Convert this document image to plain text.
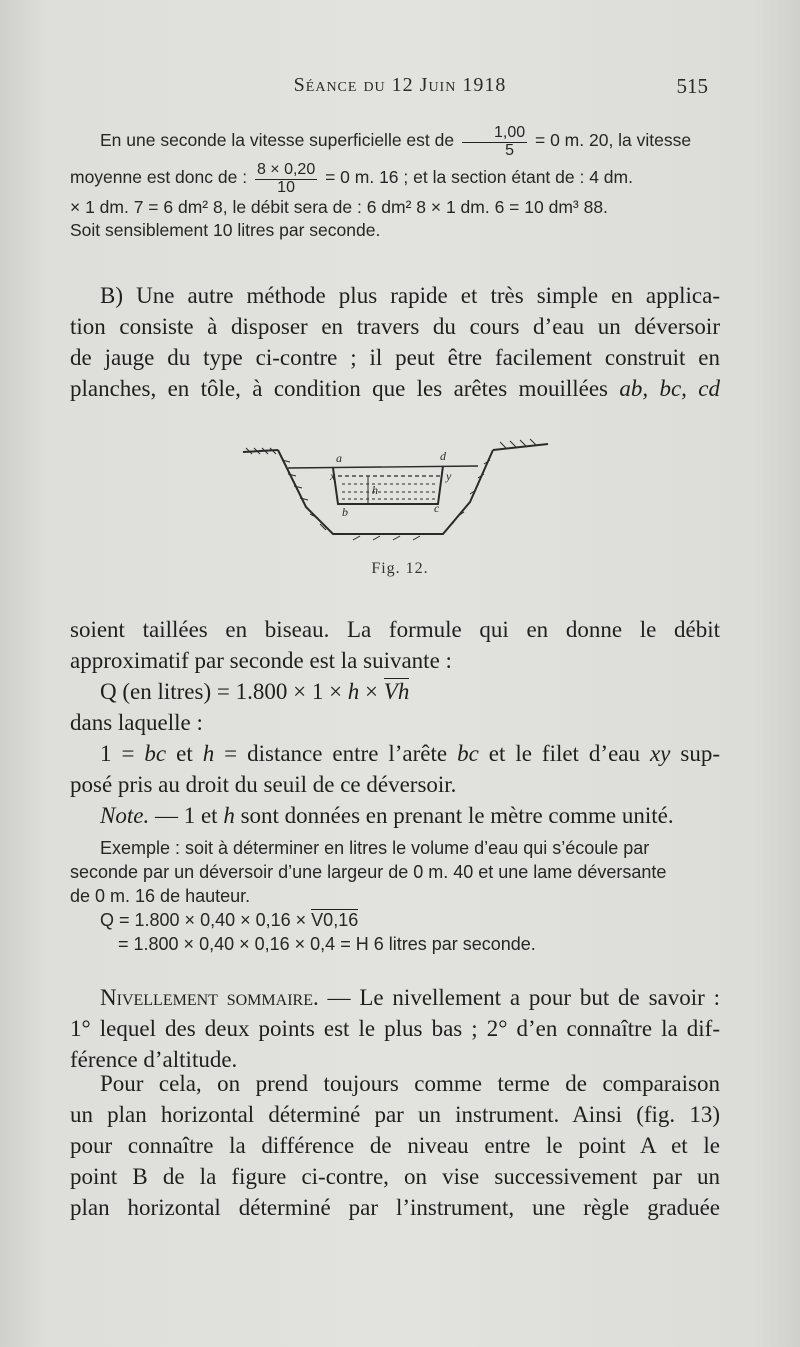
Séance du 12 Juin 1918	515
En une seconde la vitesse superficielle est de $\frac{1,00}{5} = 0$ m. 20, la vitesse
moyenne est donc de : $\frac{8 \times 0,20}{10} = 0$ m. 16 ; et la section étant de : 4 dm.
× 1 dm. 7 = 6 dm² 8, le débit sera de : 6 dm² 8 × 1 dm. 6 = 10 dm³ 88.
Soit sensiblement 10 litres par seconde.
B) Une autre méthode plus rapide et très simple en applica-
tion consiste à disposer en travers du cours d’eau un déversoir
de jauge du type ci-contre ; il peut être facilement construit en
planches, en tôle, à condition que les arêtes mouillées ab, bc, cd
a	d
x	y
h
b	c
Fig. 12.
soient taillées en biseau. La formule qui en donne le débit
approximatif par seconde est la suivante :
Q (en litres) = 1.800 × 1 × h × Vh
dans laquelle :
1 = bc et h = distance entre l’arête bc et le filet d’eau xy sup-
posé pris au droit du seuil de ce déversoir.
Note. — 1 et h sont données en prenant le mètre comme unité.
Exemple : soit à déterminer en litres le volume d’eau qui s’écoule par
seconde par un déversoir d’une largeur de 0 m. 40 et une lame déversante
de 0 m. 16 de hauteur.
Q = 1.800 × 0,40 × 0,16 × V0,16
= 1.800 × 0,40 × 0,16 × 0,4 = H 6 litres par seconde.
Nivellement sommaire. — Le nivellement a pour but de savoir :
1° lequel des deux points est le plus bas ; 2° d’en connaître la dif-
férence d’altitude.
Pour cela, on prend toujours comme terme de comparaison
un plan horizontal déterminé par un instrument. Ainsi (fig. 13)
pour connaître la différence de niveau entre le point A et le
point B de la figure ci-contre, on vise successivement par un
plan horizontal déterminé par l’instrument, une règle graduée
